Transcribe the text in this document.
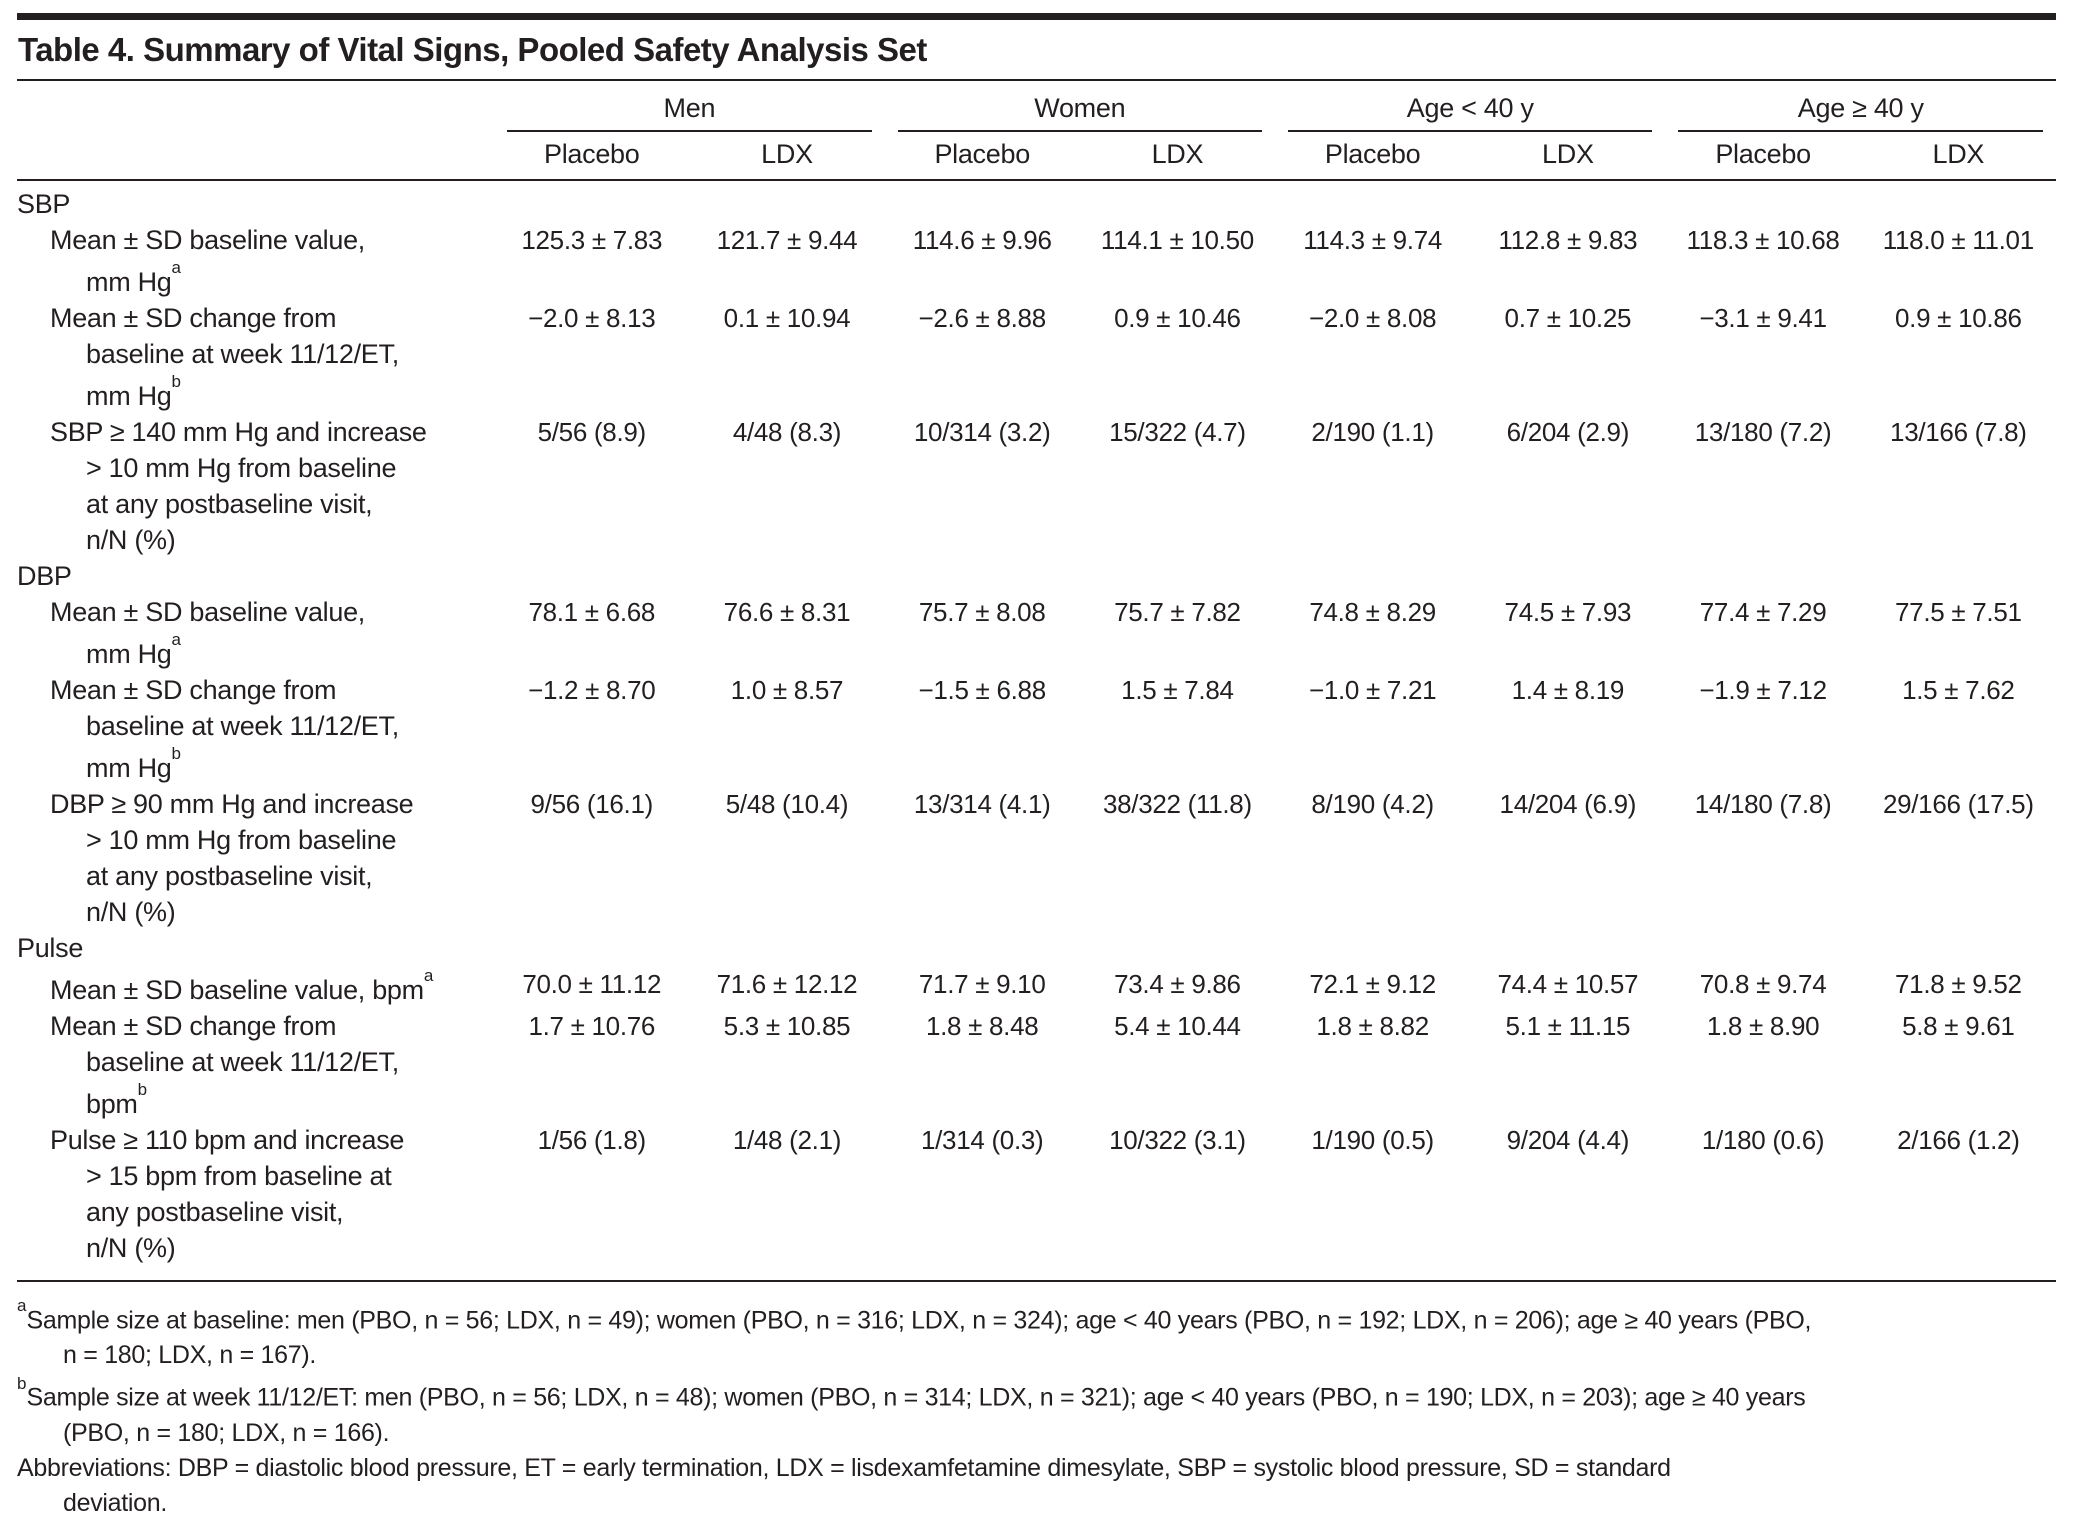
Table 4. Summary of Vital Signs, Pooled Safety Analysis Set

	Men		Women		Age < 40 y		Age ≥ 40 y	

	Placebo	LDX	Placebo	LDX	Placebo	LDX	Placebo	LDX
SBP								

Mean ± SD baseline value,
mm Hg$^a$	125.3 ± 7.83	121.7 ± 9.44	114.6 ± 9.96	114.1 ± 10.50	114.3 ± 9.74	112.8 ± 9.83	118.3 ± 10.68	118.0 ± 11.01

Mean ± SD change from
baseline at week 11/12/ET,
mm $Hg^b$	−2.0 ± 8.13	0.1 ± 10.94	−2.6 ± 8.88	0.9 ± 10.46	−2.0 ± 8.08	0.7 ± 10.25	−3.1 ± 9.41	0.9 ± 10.86

SBP ≥ 140 mm Hg and increase
> 10 mm Hg from baseline
at any postbaseline visit,
n/N (%)	5/56 (8.9)	4/48 (8.3)	10/314 (3.2)	15/322 (4.7)	2/190 (1.1)	6/204 (2.9)	13/180 (7.2)	13/166 (7.8)
DBP								

Mean ± SD baseline value,
mm Hg$^a$	78.1 ± 6.68	76.6 ± 8.31	75.7 ± 8.08	75.7 ± 7.82	74.8 ± 8.29	74.5 ± 7.93	77.4 ± 7.29	77.5 ± 7.51

Mean ± SD change from
baseline at week 11/12/ET,
mm $Hg^b$	−1.2 ± 8.70	1.0 ± 8.57	−1.5 ± 6.88	1.5 ± 7.84	−1.0 ± 7.21	1.4 ± 8.19	−1.9 ± 7.12	1.5 ± 7.62

DBP ≥ 90 mm Hg and increase
> 10 mm Hg from baseline
at any postbaseline visit,
n/N (%)	9/56 (16.1)	5/48 (10.4)	13/314 (4.1)	38/322 (11.8)	8/190 (4.2)	14/204 (6.9)	14/180 (7.8)	29/166 (17.5)
Pulse								

Mean ± SD baseline value, bpm$^a$	70.0 ± 11.12	71.6 ± 12.12	71.7 ± 9.10	73.4 ± 9.86	72.1 ± 9.12	74.4 ± 10.57	70.8 ± 9.74	71.8 ± 9.52

Mean ± SD change from
baseline at week 11/12/ET,
bpm$^b$	1.7 ± 10.76	5.3 ± 10.85	1.8 ± 8.48	5.4 ± 10.44	1.8 ± 8.82	5.1 ± 11.15	1.8 ± 8.90	5.8 ± 9.61

Pulse ≥ 110 bpm and increase
> 15 bpm from baseline at
any postbaseline visit,
n/N (%)	1/56 (1.8)	1/48 (2.1)	1/314 (0.3)	10/322 (3.1)	1/190 (0.5)	9/204 (4.4)	1/180 (0.6)	2/166 (1.2)
$^a$Sample size at baseline: men (PBO, n = 56; LDX, n = 49); women (PBO, n = 316; LDX, n = 324); age < 40 years (PBO, n = 192; LDX, n = 206); age ≥ 40 years (PBO,
n = 180; LDX, n = 167).
$^b$Sample size at week 11/12/ET: men (PBO, n = 56; LDX, n = 48); women (PBO, n = 314; LDX, n = 321); age < 40 years (PBO, n = 190; LDX, n = 203); age ≥ 40 years
(PBO, n = 180; LDX, n = 166).
Abbreviations: DBP = diastolic blood pressure, ET = early termination, LDX = lisdexamfetamine dimesylate, SBP = systolic blood pressure, SD = standard
deviation.
